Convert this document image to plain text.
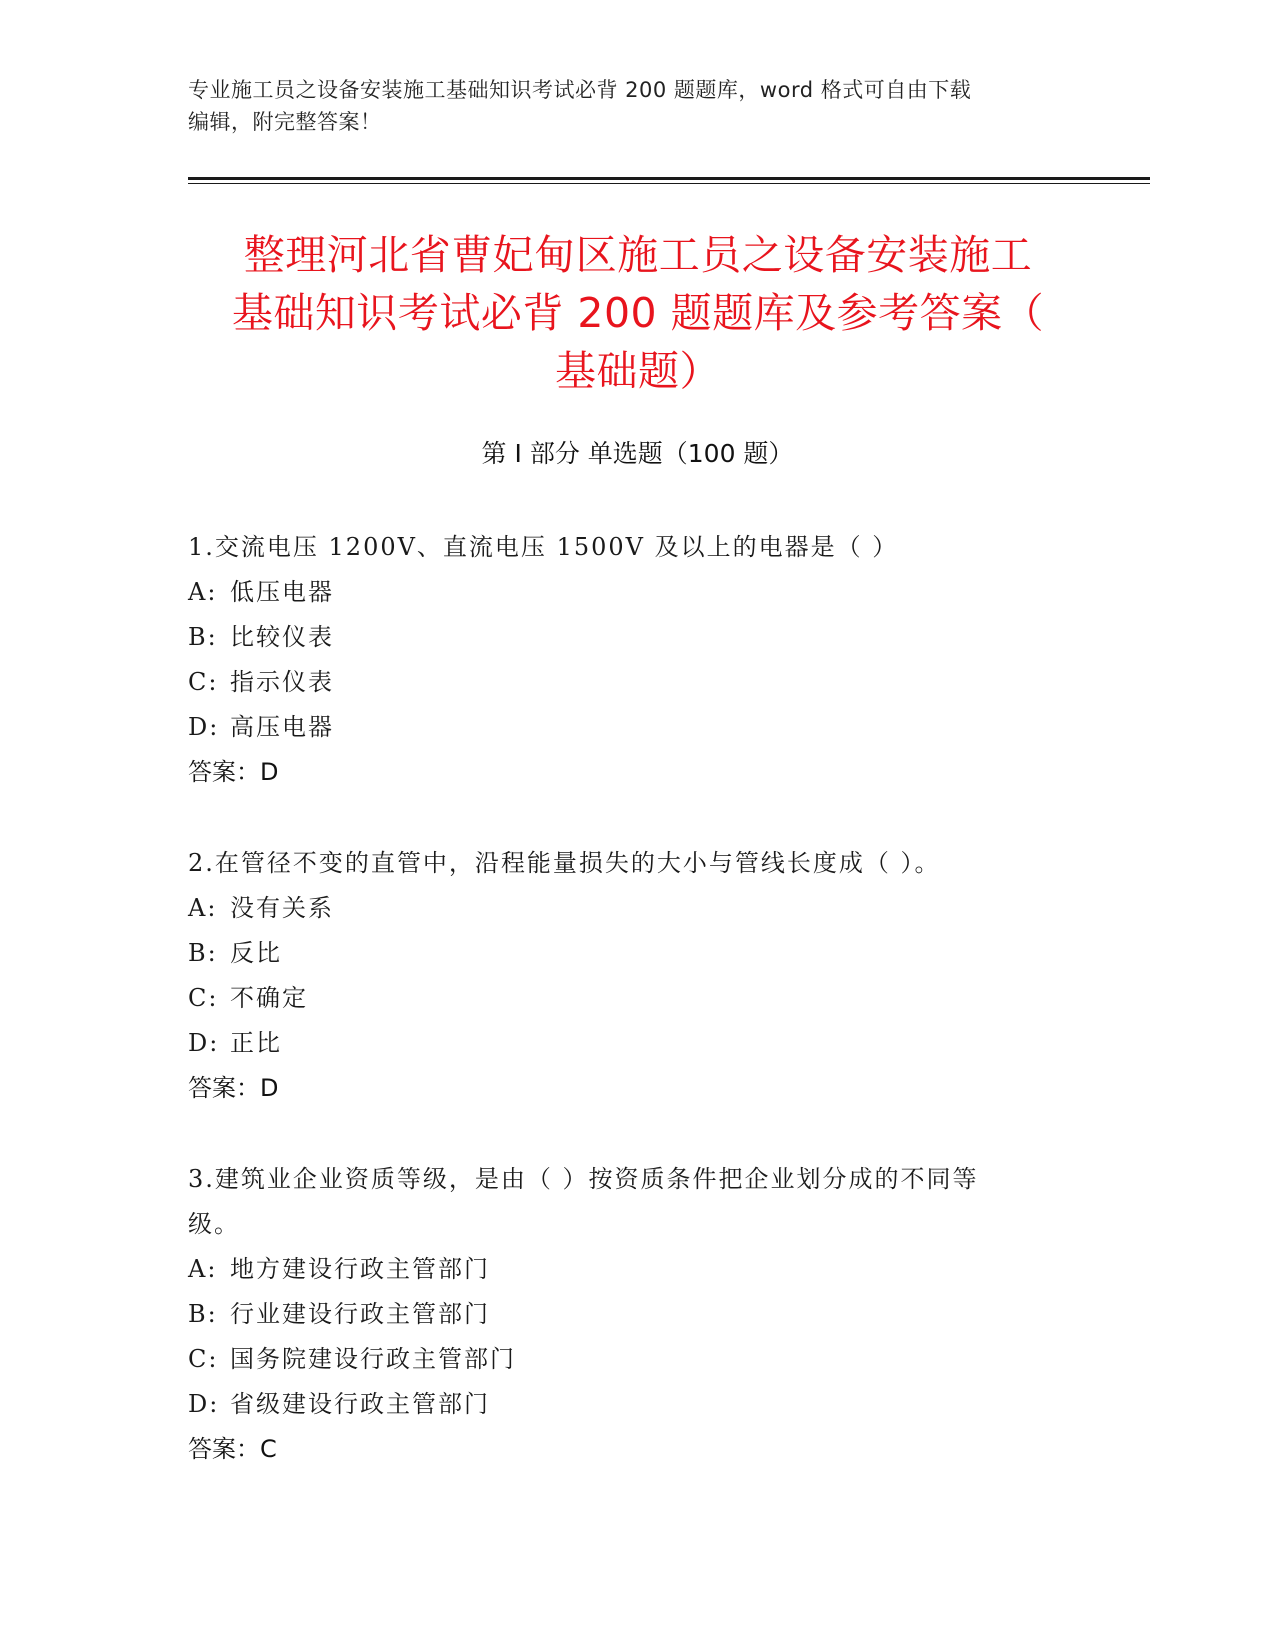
专业施工员之设备安装施工基础知识考试必背 200 题题库，word 格式可自由下载
编辑，附完整答案！
整理河北省曹妃甸区施工员之设备安装施工
基础知识考试必背 200 题题库及参考答案（
基础题）
第 I 部分 单选题（100 题）
1.交流电压 1200V、直流电压 1500V 及以上的电器是（ ）
A: 低压电器
B: 比较仪表
C: 指示仪表
D: 高压电器
答案：D
2.在管径不变的直管中，沿程能量损失的大小与管线长度成（ ）。
A: 没有关系
B: 反比
C: 不确定
D: 正比
答案：D
3.建筑业企业资质等级，是由（ ）按资质条件把企业划分成的不同等
级。
A: 地方建设行政主管部门
B: 行业建设行政主管部门
C: 国务院建设行政主管部门
D: 省级建设行政主管部门
答案：C
